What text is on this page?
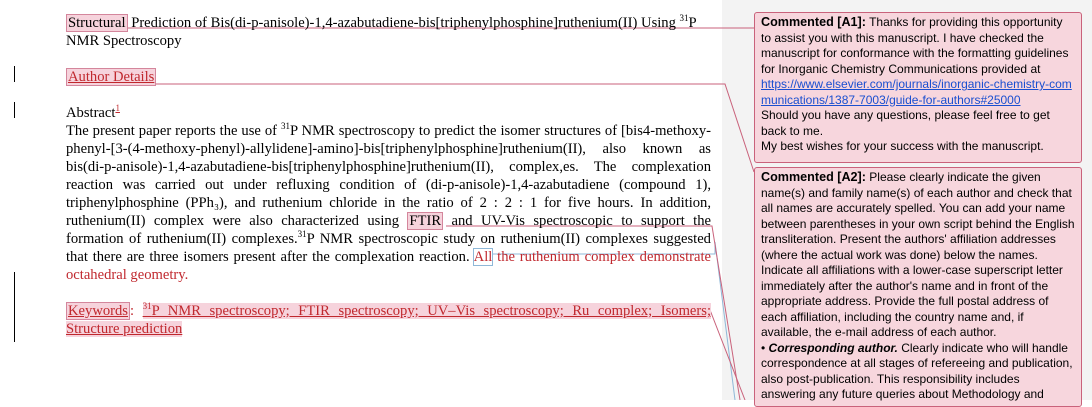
Structural Prediction of Bis(di-p-anisole)-1,4-azabutadiene-bis[triphenylphosphine]ruthenium(II) Using $^{31}$P NMR Spectroscopy

Author Details

Abstract$^1$

The present paper reports the use of $^{31}$P NMR spectroscopy to predict the isomer structures of [bis4-methoxy-phenyl-[3-(4-methoxy-phenyl)-allylidene]-amino]-bis[triphenylphosphine]ruthenium(II), also known as bis(di-p-anisole)-1,4-azabutadiene-bis[triphenylphosphine]ruthenium(II), complex,es. The complexation reaction was carried out under refluxing condition of (di-p-anisole)-1,4-azabutadiene (compound 1), triphenylphosphine (PPh₃), and ruthenium chloride in the ratio of 2 : 2 : 1 for five hours. In addition, ruthenium(II) complex were also characterized using FTIR and UV-Vis spectroscopic to support the formation of ruthenium(II) complexes.$^{31}$P NMR spectroscopic study on ruthenium(II) complexes suggested that there are three isomers present after the complexation reaction. All the ruthenium complex demonstrate octahedral geometry.

Keywords : $^{31}$P NMR spectroscopy; FTIR spectroscopy; UV–Vis spectroscopy; Ru complex; Isomers; Structure prediction

Commented [A1]: Thanks for providing this opportunity to assist you with this manuscript. I have checked the manuscript for conformance with the formatting guidelines for Inorganic Chemistry Communications provided at
https://www.elsevier.com/journals/inorganic-chemistry-communications/1387-7003/guide-for-authors#25000
Should you have any questions, please feel free to get back to me.
My best wishes for your success with the manuscript.
Commented [A2]: Please clearly indicate the given name(s) and family name(s) of each author and check that all names are accurately spelled. You can add your name between parentheses in your own script behind the English transliteration. Present the authors' affiliation addresses (where the actual work was done) below the names. Indicate all affiliations with a lower-case superscript letter immediately after the author's name and in front of the appropriate address. Provide the full postal address of each affiliation, including the country name and, if available, the e-mail address of each author.
• Corresponding author. Clearly indicate who will handle correspondence at all stages of refereeing and publication, also post-publication. This responsibility includes answering any future queries about Methodology and
